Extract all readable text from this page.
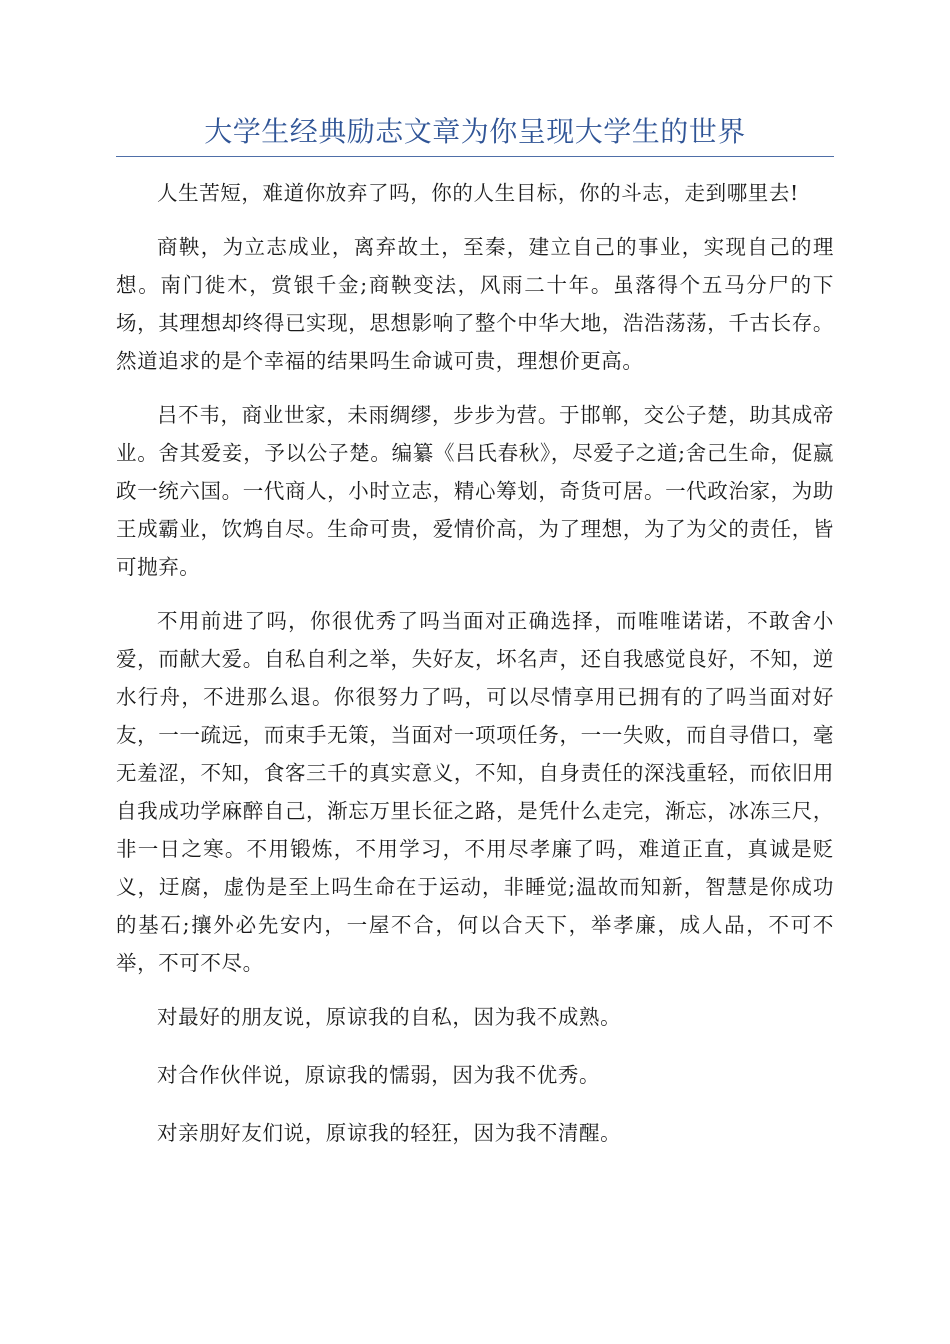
大学生经典励志文章为你呈现大学生的世界

人生苦短，难道你放弃了吗，你的人生目标，你的斗志，走到哪里去!

商鞅，为立志成业，离弃故土，至秦，建立自己的事业，实现自己的理想。南门徙木，赏银千金;商鞅变法，风雨二十年。虽落得个五马分尸的下场，其理想却终得已实现，思想影响了整个中华大地，浩浩荡荡，千古长存。然道追求的是个幸福的结果吗生命诚可贵，理想价更高。

吕不韦，商业世家，未雨绸缪，步步为营。于邯郸，交公子楚，助其成帝业。舍其爱妾，予以公子楚。编纂《吕氏春秋》，尽爱子之道;舍己生命，促嬴政一统六国。一代商人，小时立志，精心筹划，奇货可居。一代政治家，为助王成霸业，饮鸩自尽。生命可贵，爱情价高，为了理想，为了为父的责任，皆可抛弃。

不用前进了吗，你很优秀了吗当面对正确选择，而唯唯诺诺，不敢舍小爱，而献大爱。自私自利之举，失好友，坏名声，还自我感觉良好，不知，逆水行舟，不进那么退。你很努力了吗，可以尽情享用已拥有的了吗当面对好友，一一疏远，而束手无策，当面对一项项任务，一一失败，而自寻借口，毫无羞涩，不知，食客三千的真实意义，不知，自身责任的深浅重轻，而依旧用自我成功学麻醉自己，渐忘万里长征之路，是凭什么走完，渐忘，冰冻三尺，非一日之寒。不用锻炼，不用学习，不用尽孝廉了吗，难道正直，真诚是贬义，迂腐，虚伪是至上吗生命在于运动，非睡觉;温故而知新，智慧是你成功的基石;攘外必先安内，一屋不合，何以合天下，举孝廉，成人品，不可不举，不可不尽。

对最好的朋友说，原谅我的自私，因为我不成熟。

对合作伙伴说，原谅我的懦弱，因为我不优秀。

对亲朋好友们说，原谅我的轻狂，因为我不清醒。
